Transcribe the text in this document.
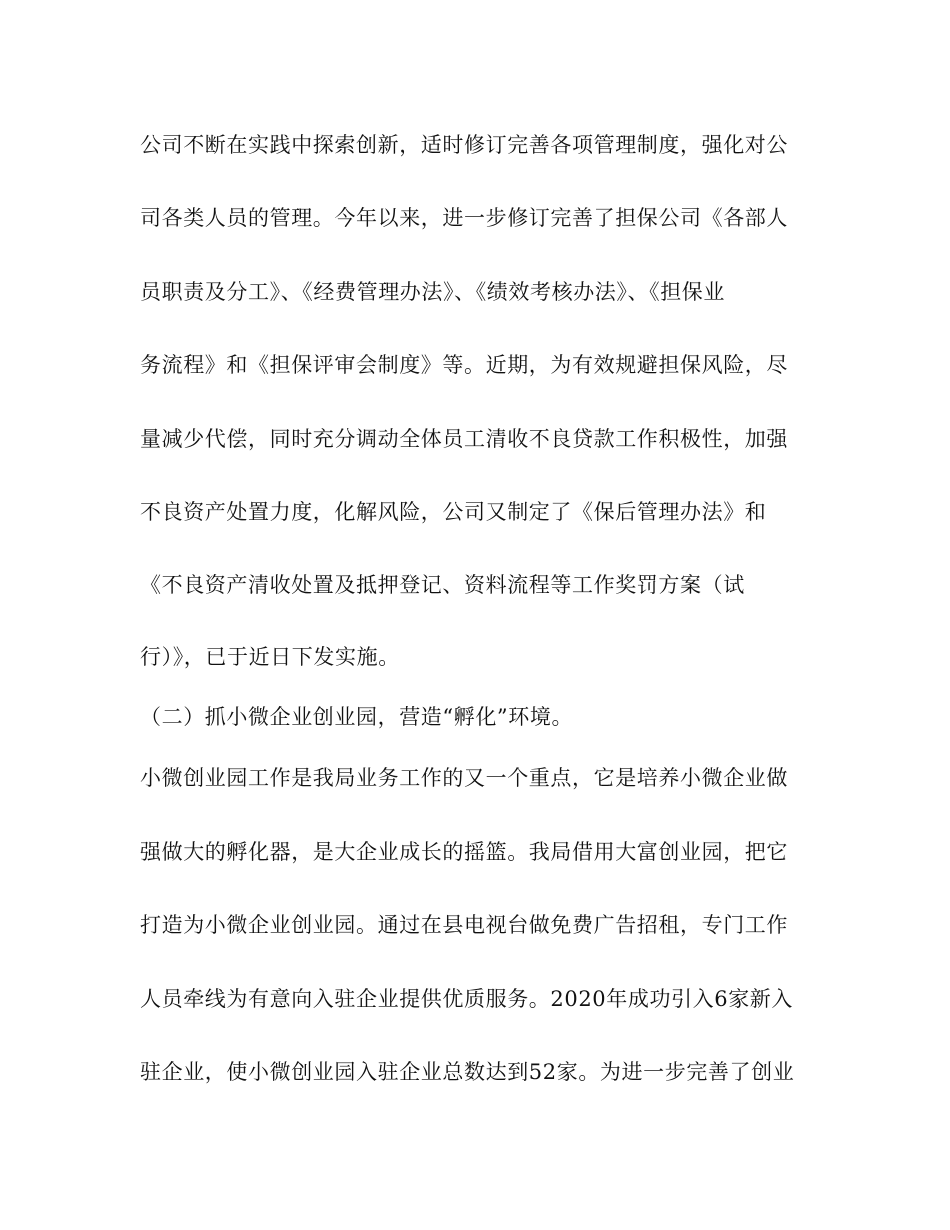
公司不断在实践中探索创新，适时修订完善各项管理制度，强化对公
司各类人员的管理。今年以来，进一步修订完善了担保公司《各部人
员职责及分工》、《经费管理办法》、《绩效考核办法》、《担保业
务流程》和《担保评审会制度》等。近期，为有效规避担保风险，尽
量减少代偿，同时充分调动全体员工清收不良贷款工作积极性，加强
不良资产处置力度，化解风险，公司又制定了《保后管理办法》和
《不良资产清收处置及抵押登记、资料流程等工作奖罚方案（试
行）》，已于近日下发实施。
（二）抓小微企业创业园，营造“孵化”环境。
小微创业园工作是我局业务工作的又一个重点，它是培养小微企业做
强做大的孵化器，是大企业成长的摇篮。我局借用大富创业园，把它
打造为小微企业创业园。通过在县电视台做免费广告招租，专门工作
人员牵线为有意向入驻企业提供优质服务。2020年成功引入6家新入
驻企业，使小微创业园入驻企业总数达到52家。为进一步完善了创业
